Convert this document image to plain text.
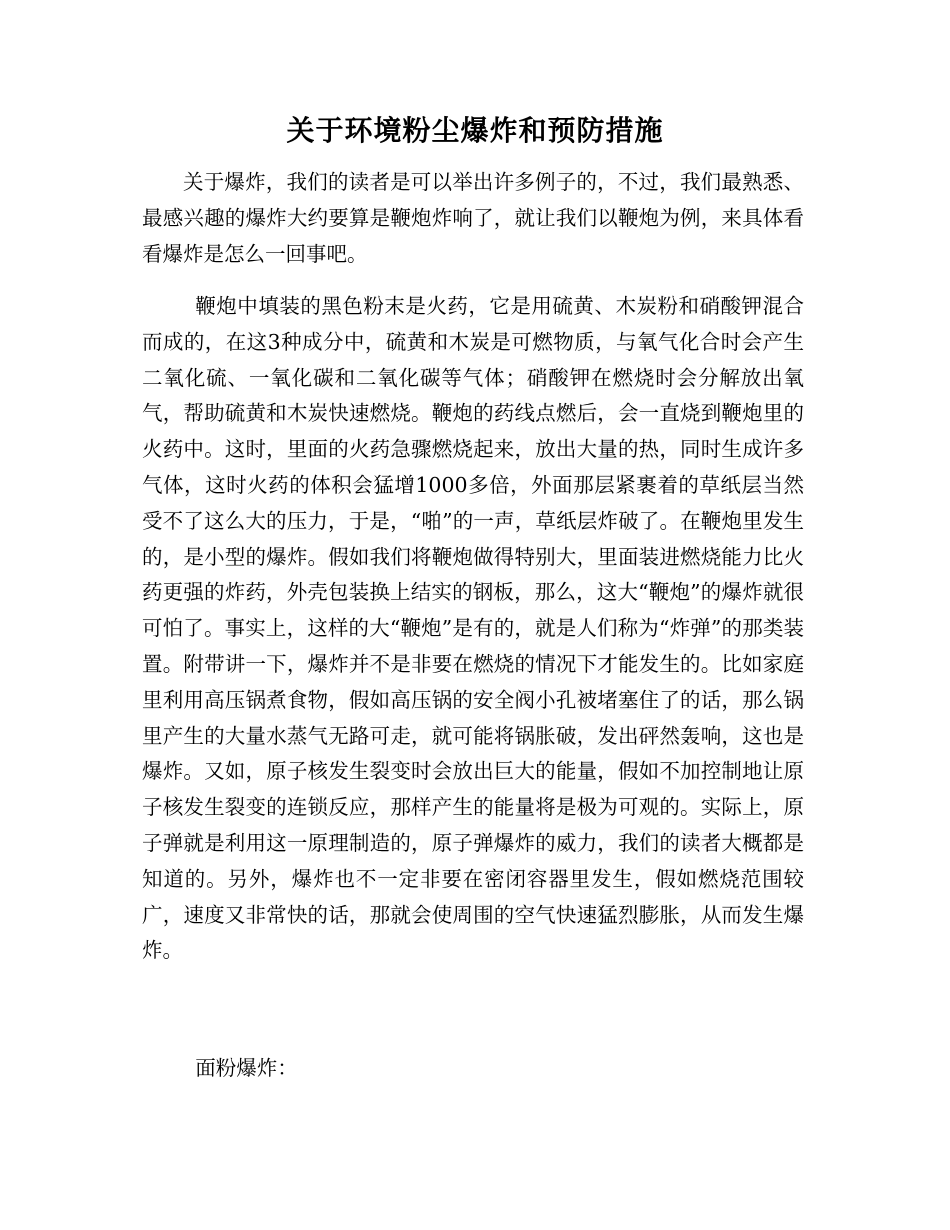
关于环境粉尘爆炸和预防措施

关于爆炸，我们的读者是可以举出许多例子的，不过，我们最熟悉、最感兴趣的爆炸大约要算是鞭炮炸响了，就让我们以鞭炮为例，来具体看看爆炸是怎么一回事吧。

鞭炮中填装的黑色粉末是火药，它是用硫黄、木炭粉和硝酸钾混合而成的，在这3种成分中，硫黄和木炭是可燃物质，与氧气化合时会产生二氧化硫、一氧化碳和二氧化碳等气体；硝酸钾在燃烧时会分解放出氧气，帮助硫黄和木炭快速燃烧。鞭炮的药线点燃后，会一直烧到鞭炮里的火药中。这时，里面的火药急骤燃烧起来，放出大量的热，同时生成许多气体，这时火药的体积会猛增1000多倍，外面那层紧裹着的草纸层当然受不了这么大的压力，于是，“啪”的一声，草纸层炸破了。在鞭炮里发生的，是小型的爆炸。假如我们将鞭炮做得特别大，里面装进燃烧能力比火药更强的炸药，外壳包装换上结实的钢板，那么，这大“鞭炮”的爆炸就很可怕了。事实上，这样的大“鞭炮”是有的，就是人们称为“炸弹”的那类装置。附带讲一下，爆炸并不是非要在燃烧的情况下才能发生的。比如家庭里利用高压锅煮食物，假如高压锅的安全阀小孔被堵塞住了的话，那么锅里产生的大量水蒸气无路可走，就可能将锅胀破，发出砰然轰响，这也是爆炸。又如，原子核发生裂变时会放出巨大的能量，假如不加控制地让原子核发生裂变的连锁反应，那样产生的能量将是极为可观的。实际上，原子弹就是利用这一原理制造的，原子弹爆炸的威力，我们的读者大概都是知道的。另外，爆炸也不一定非要在密闭容器里发生，假如燃烧范围较广，速度又非常快的话，那就会使周围的空气快速猛烈膨胀，从而发生爆炸。

面粉爆炸：
